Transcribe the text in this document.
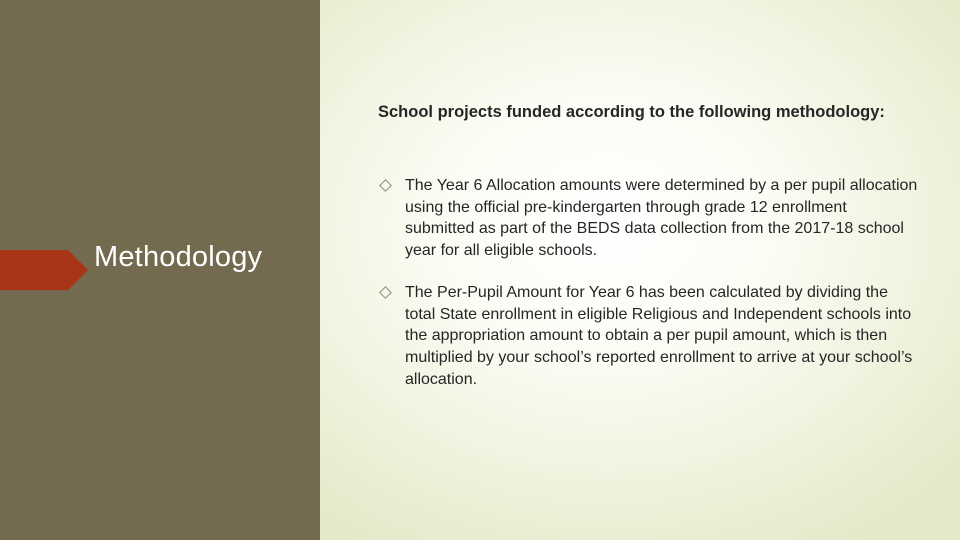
Methodology

School projects funded according to the following methodology:

The Year 6 Allocation amounts were determined by a per pupil allocation using the official pre-kindergarten through grade 12 enrollment submitted as part of the BEDS data collection from the 2017-18 school year for all eligible schools.
The Per-Pupil Amount for Year 6 has been calculated by dividing the total State enrollment in eligible Religious and Independent schools into the appropriation amount to obtain a per pupil amount, which is then multiplied by your school’s reported enrollment to arrive at your school’s allocation.
